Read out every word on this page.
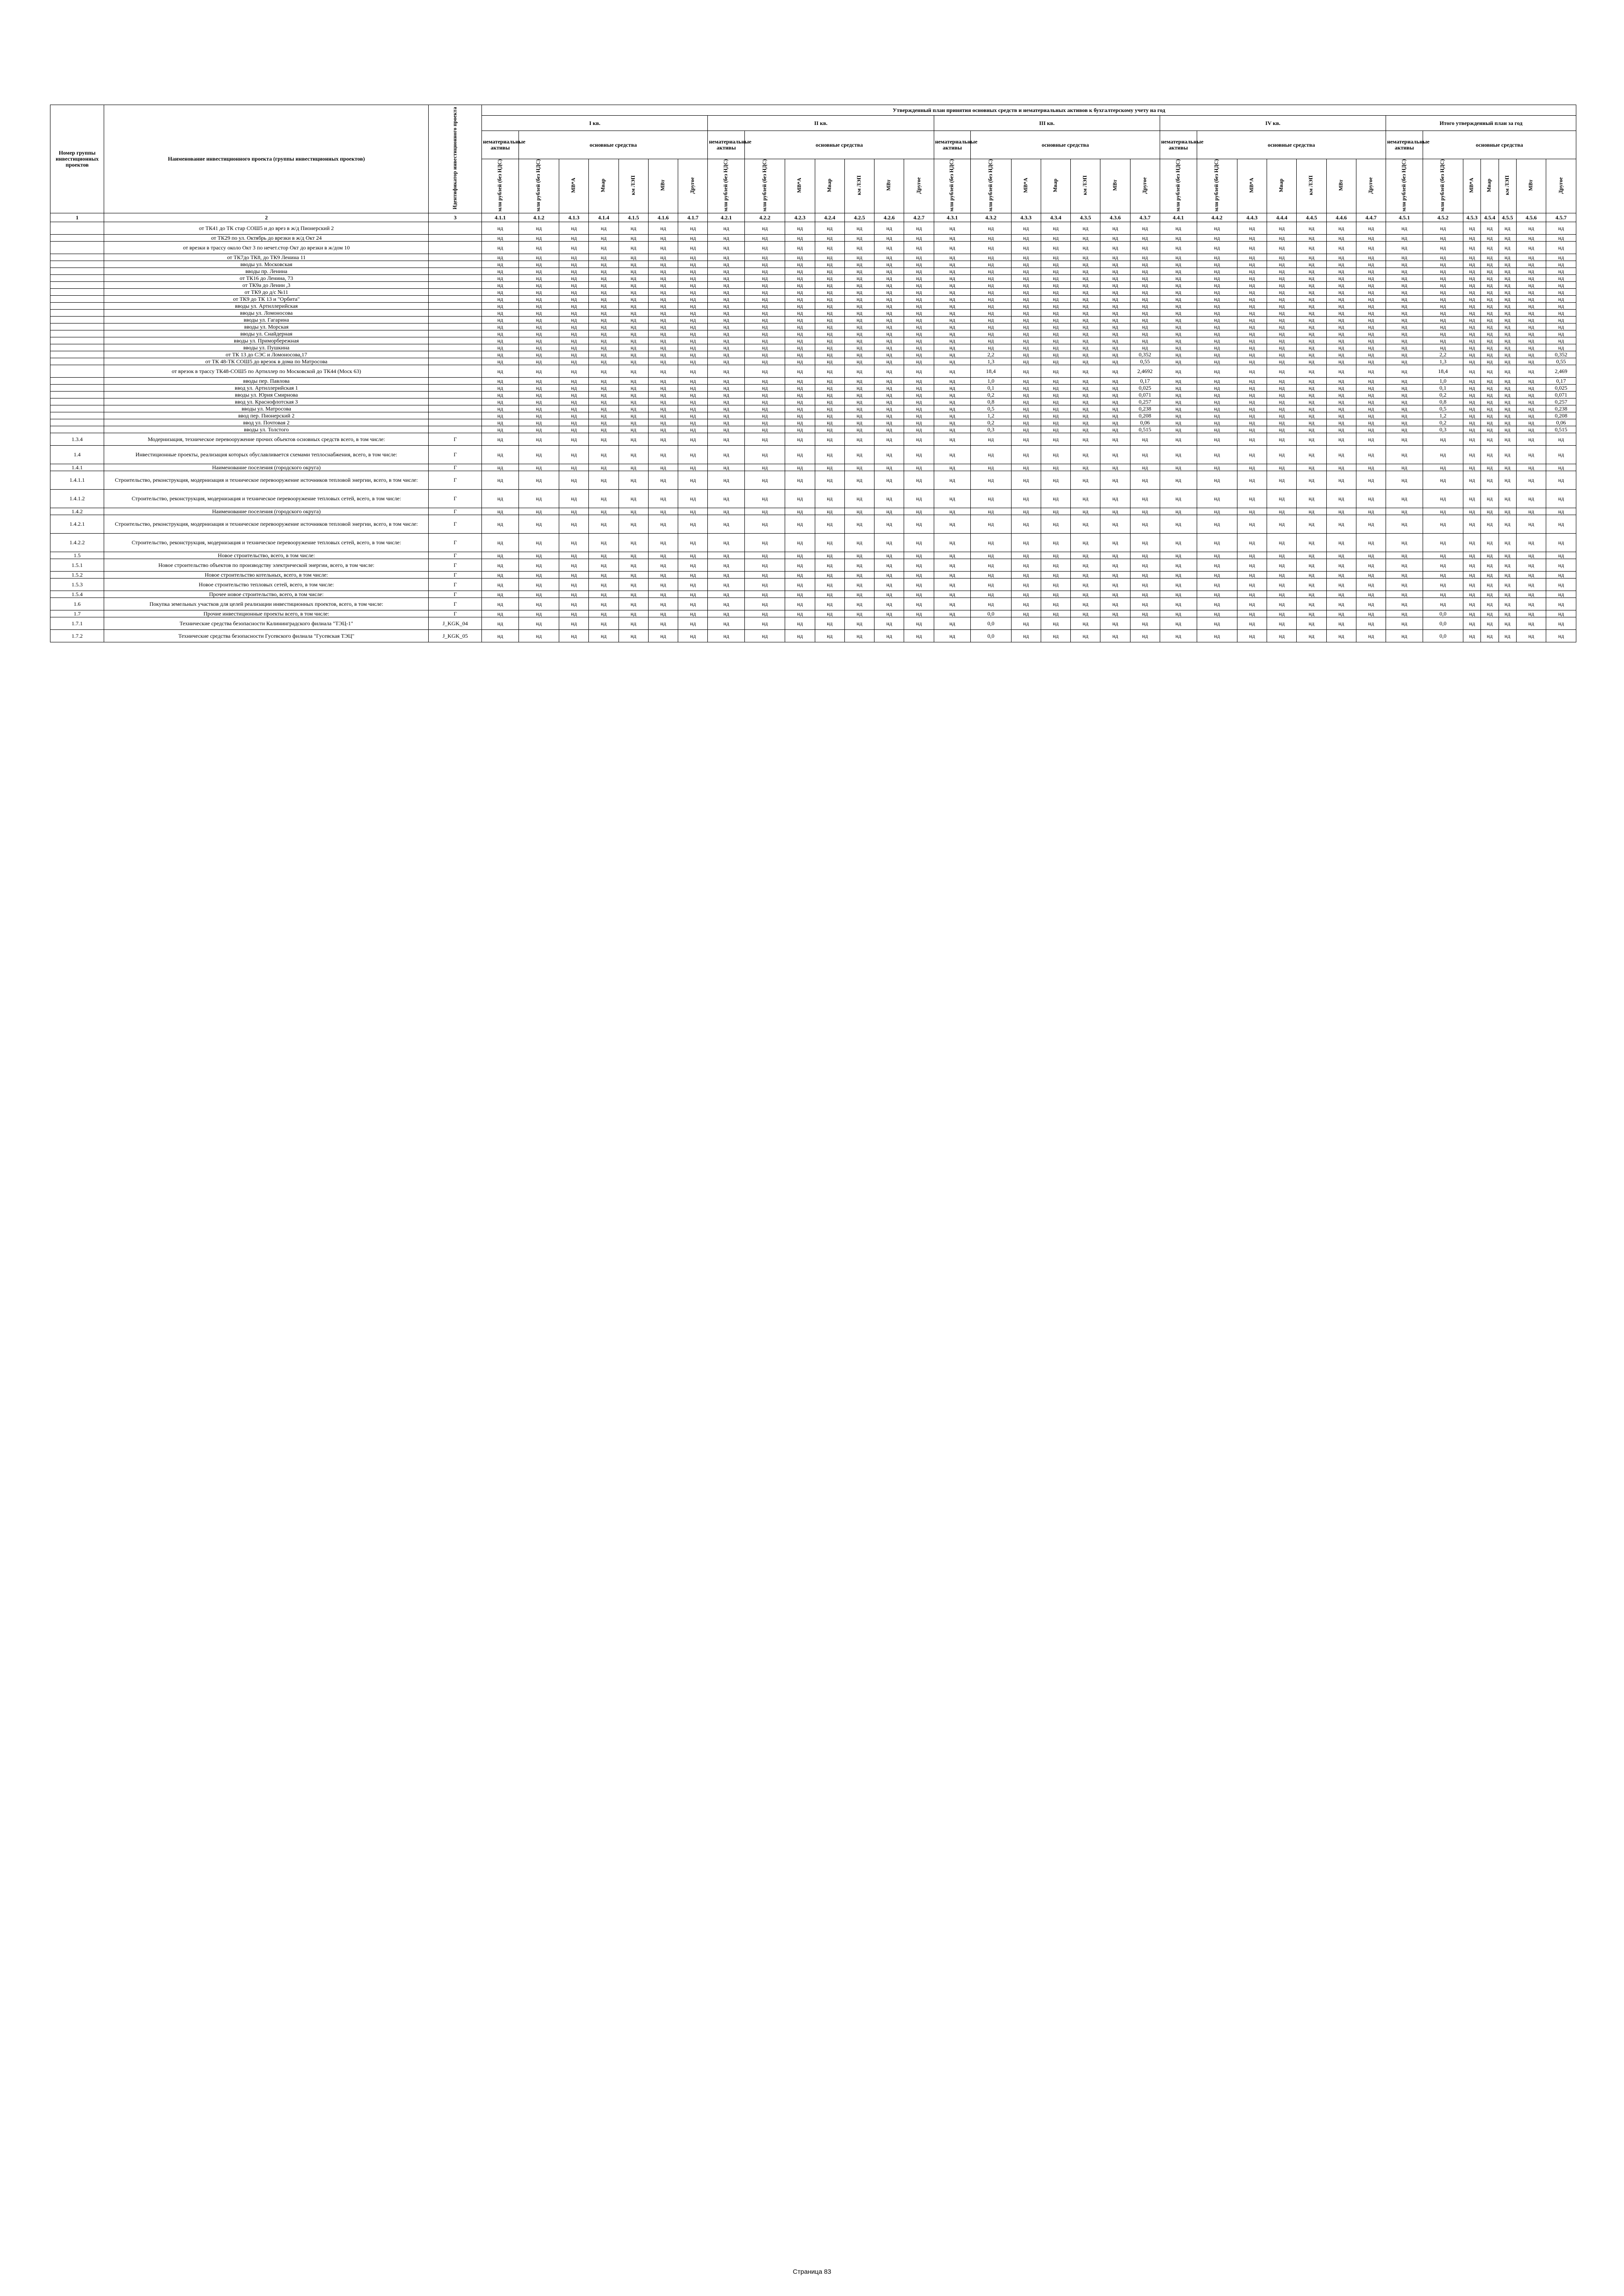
Номер группы инвестиционных проектов	Наименование инвестиционного проекта (группы инвестиционных проектов)	Идентификатор инвестиционного проекта	Утвержденный план принятия основных средств и нематериальных активов к бухгалтерскому учету на год																																		
			I кв.							II кв.							III кв.							IV кв.							Итого утвержденный план за год						
			нематериальные активы	основные средства						нематериальные активы	основные средства						нематериальные активы	основные средства						нематериальные активы	основные средства						нематериальные активы	основные средства					
			млн рублей (без НДС)	млн рублей (без НДС)	МВ*А	Мвар	км ЛЭП	МВт	Другое	млн рублей (без НДС)	млн рублей (без НДС)	МВ*А	Мвар	км ЛЭП	МВт	Другое	млн рублей (без НДС)	млн рублей (без НДС)	МВ*А	Мвар	км ЛЭП	МВт	Другое	млн рублей (без НДС)	млн рублей (без НДС)	МВ*А	Мвар	км ЛЭП	МВт	Другое	млн рублей (без НДС)	млн рублей (без НДС)	МВ*А	Мвар	км ЛЭП	МВт	Другое
1	2	3	4.1.1	4.1.2	4.1.3	4.1.4	4.1.5	4.1.6	4.1.7	4.2.1	4.2.2	4.2.3	4.2.4	4.2.5	4.2.6	4.2.7	4.3.1	4.3.2	4.3.3	4.3.4	4.3.5	4.3.6	4.3.7	4.4.1	4.4.2	4.4.3	4.4.4	4.4.5	4.4.6	4.4.7	4.5.1	4.5.2	4.5.3	4.5.4	4.5.5	4.5.6	4.5.7
	от ТК41 до ТК стар СОШ5 и до врез в ж/д Пионерский 2		нд	нд	нд	нд	нд	нд	нд	нд	нд	нд	нд	нд	нд	нд	нд	нд	нд	нд	нд	нд	нд	нд	нд	нд	нд	нд	нд	нд	нд	нд	нд	нд	нд	нд	нд
	от ТК29 по ул. Октябрь до врезки в ж/д Окт 24		нд	нд	нд	нд	нд	нд	нд	нд	нд	нд	нд	нд	нд	нд	нд	нд	нд	нд	нд	нд	нд	нд	нд	нд	нд	нд	нд	нд	нд	нд	нд	нд	нд	нд	нд
	от врезки в трассу около Окт 3 по нечет.стор Окт до врезки в ж/дом 10		нд	нд	нд	нд	нд	нд	нд	нд	нд	нд	нд	нд	нд	нд	нд	нд	нд	нд	нд	нд	нд	нд	нд	нд	нд	нд	нд	нд	нд	нд	нд	нд	нд	нд	нд
	от ТК7до ТК8, до ТК9 Ленина 11		нд	нд	нд	нд	нд	нд	нд	нд	нд	нд	нд	нд	нд	нд	нд	нд	нд	нд	нд	нд	нд	нд	нд	нд	нд	нд	нд	нд	нд	нд	нд	нд	нд	нд	нд
	вводы ул. Московская		нд	нд	нд	нд	нд	нд	нд	нд	нд	нд	нд	нд	нд	нд	нд	нд	нд	нд	нд	нд	нд	нд	нд	нд	нд	нд	нд	нд	нд	нд	нд	нд	нд	нд	нд
	вводы пр. Ленина		нд	нд	нд	нд	нд	нд	нд	нд	нд	нд	нд	нд	нд	нд	нд	нд	нд	нд	нд	нд	нд	нд	нд	нд	нд	нд	нд	нд	нд	нд	нд	нд	нд	нд	нд
	от ТК16 до Ленина, 73		нд	нд	нд	нд	нд	нд	нд	нд	нд	нд	нд	нд	нд	нд	нд	нд	нд	нд	нд	нд	нд	нд	нд	нд	нд	нд	нд	нд	нд	нд	нд	нд	нд	нд	нд
	от ТК9а до Ленин ,3		нд	нд	нд	нд	нд	нд	нд	нд	нд	нд	нд	нд	нд	нд	нд	нд	нд	нд	нд	нд	нд	нд	нд	нд	нд	нд	нд	нд	нд	нд	нд	нд	нд	нд	нд
	от ТК9 до д/с №11		нд	нд	нд	нд	нд	нд	нд	нд	нд	нд	нд	нд	нд	нд	нд	нд	нд	нд	нд	нд	нд	нд	нд	нд	нд	нд	нд	нд	нд	нд	нд	нд	нд	нд	нд
	от ТК9 до ТК 13 и "Орбита"		нд	нд	нд	нд	нд	нд	нд	нд	нд	нд	нд	нд	нд	нд	нд	нд	нд	нд	нд	нд	нд	нд	нд	нд	нд	нд	нд	нд	нд	нд	нд	нд	нд	нд	нд
	вводы ул. Артиллерийская		нд	нд	нд	нд	нд	нд	нд	нд	нд	нд	нд	нд	нд	нд	нд	нд	нд	нд	нд	нд	нд	нд	нд	нд	нд	нд	нд	нд	нд	нд	нд	нд	нд	нд	нд
	вводы ул. Ломоносова		нд	нд	нд	нд	нд	нд	нд	нд	нд	нд	нд	нд	нд	нд	нд	нд	нд	нд	нд	нд	нд	нд	нд	нд	нд	нд	нд	нд	нд	нд	нд	нд	нд	нд	нд
	вводы ул. Гагарина		нд	нд	нд	нд	нд	нд	нд	нд	нд	нд	нд	нд	нд	нд	нд	нд	нд	нд	нд	нд	нд	нд	нд	нд	нд	нд	нд	нд	нд	нд	нд	нд	нд	нд	нд
	вводы ул. Морская		нд	нд	нд	нд	нд	нд	нд	нд	нд	нд	нд	нд	нд	нд	нд	нд	нд	нд	нд	нд	нд	нд	нд	нд	нд	нд	нд	нд	нд	нд	нд	нд	нд	нд	нд
	вводы ул. Снайдерная		нд	нд	нд	нд	нд	нд	нд	нд	нд	нд	нд	нд	нд	нд	нд	нд	нд	нд	нд	нд	нд	нд	нд	нд	нд	нд	нд	нд	нд	нд	нд	нд	нд	нд	нд
	вводы ул. Приморбережная		нд	нд	нд	нд	нд	нд	нд	нд	нд	нд	нд	нд	нд	нд	нд	нд	нд	нд	нд	нд	нд	нд	нд	нд	нд	нд	нд	нд	нд	нд	нд	нд	нд	нд	нд
	вводы ул. Пушкина		нд	нд	нд	нд	нд	нд	нд	нд	нд	нд	нд	нд	нд	нд	нд	нд	нд	нд	нд	нд	нд	нд	нд	нд	нд	нд	нд	нд	нд	нд	нд	нд	нд	нд	нд
	от ТК 13 до СЭС и Ломоносова,17		нд	нд	нд	нд	нд	нд	нд	нд	нд	нд	нд	нд	нд	нд	нд	2,2	нд	нд	нд	нд	0,352	нд	нд	нд	нд	нд	нд	нд	нд	2,2	нд	нд	нд	нд	0,352
	от ТК 48-ТК СОШ5 до врезок в дома по Матросова		нд	нд	нд	нд	нд	нд	нд	нд	нд	нд	нд	нд	нд	нд	нд	1,3	нд	нд	нд	нд	0,55	нд	нд	нд	нд	нд	нд	нд	нд	1,3	нд	нд	нд	нд	0,55
	от врезок в трассу ТК48-СОШ5 по Артиллер по Московской до ТК44 (Моск 63)		нд	нд	нд	нд	нд	нд	нд	нд	нд	нд	нд	нд	нд	нд	нд	18,4	нд	нд	нд	нд	2,4692	нд	нд	нд	нд	нд	нд	нд	нд	18,4	нд	нд	нд	нд	2,469
	вводы пер. Павлова		нд	нд	нд	нд	нд	нд	нд	нд	нд	нд	нд	нд	нд	нд	нд	1,0	нд	нд	нд	нд	0,17	нд	нд	нд	нд	нд	нд	нд	нд	1,0	нд	нд	нд	нд	0,17
	ввод ул. Артиллерийская 1		нд	нд	нд	нд	нд	нд	нд	нд	нд	нд	нд	нд	нд	нд	нд	0,1	нд	нд	нд	нд	0,025	нд	нд	нд	нд	нд	нд	нд	нд	0,1	нд	нд	нд	нд	0,025
	вводы ул. Юрия Смирнова		нд	нд	нд	нд	нд	нд	нд	нд	нд	нд	нд	нд	нд	нд	нд	0,2	нд	нд	нд	нд	0,071	нд	нд	нд	нд	нд	нд	нд	нд	0,2	нд	нд	нд	нд	0,071
	ввод ул. Краснофлотская 3		нд	нд	нд	нд	нд	нд	нд	нд	нд	нд	нд	нд	нд	нд	нд	0,8	нд	нд	нд	нд	0,257	нд	нд	нд	нд	нд	нд	нд	нд	0,8	нд	нд	нд	нд	0,257
	вводы ул. Матросова		нд	нд	нд	нд	нд	нд	нд	нд	нд	нд	нд	нд	нд	нд	нд	0,5	нд	нд	нд	нд	0,238	нд	нд	нд	нд	нд	нд	нд	нд	0,5	нд	нд	нд	нд	0,238
	ввод пер. Пионерский 2		нд	нд	нд	нд	нд	нд	нд	нд	нд	нд	нд	нд	нд	нд	нд	1,2	нд	нд	нд	нд	0,208	нд	нд	нд	нд	нд	нд	нд	нд	1,2	нд	нд	нд	нд	0,208
	ввод ул. Почтовая 2		нд	нд	нд	нд	нд	нд	нд	нд	нд	нд	нд	нд	нд	нд	нд	0,2	нд	нд	нд	нд	0,06	нд	нд	нд	нд	нд	нд	нд	нд	0,2	нд	нд	нд	нд	0,06
	вводы ул. Толстого		нд	нд	нд	нд	нд	нд	нд	нд	нд	нд	нд	нд	нд	нд	нд	0,3	нд	нд	нд	нд	0,515	нд	нд	нд	нд	нд	нд	нд	нд	0,3	нд	нд	нд	нд	0,515
1.3.4	Модернизация, техническое перевооружение прочих объектов основных средств всего, в том числе:	Г	нд	нд	нд	нд	нд	нд	нд	нд	нд	нд	нд	нд	нд	нд	нд	нд	нд	нд	нд	нд	нд	нд	нд	нд	нд	нд	нд	нд	нд	нд	нд	нд	нд	нд	нд
1.4	Инвестиционные проекты, реализация которых обуславливается схемами теплоснабжения, всего, в том числе:	Г	нд	нд	нд	нд	нд	нд	нд	нд	нд	нд	нд	нд	нд	нд	нд	нд	нд	нд	нд	нд	нд	нд	нд	нд	нд	нд	нд	нд	нд	нд	нд	нд	нд	нд	нд
1.4.1	Наименование поселения (городского округа)	Г	нд	нд	нд	нд	нд	нд	нд	нд	нд	нд	нд	нд	нд	нд	нд	нд	нд	нд	нд	нд	нд	нд	нд	нд	нд	нд	нд	нд	нд	нд	нд	нд	нд	нд	нд
1.4.1.1	Строительство, реконструкция, модернизация и техническое перевооружение источников тепловой энергии, всего, в том числе:	Г	нд	нд	нд	нд	нд	нд	нд	нд	нд	нд	нд	нд	нд	нд	нд	нд	нд	нд	нд	нд	нд	нд	нд	нд	нд	нд	нд	нд	нд	нд	нд	нд	нд	нд	нд
1.4.1.2	Строительство, реконструкция, модернизация и техническое перевооружение тепловых сетей, всего, в том числе:	Г	нд	нд	нд	нд	нд	нд	нд	нд	нд	нд	нд	нд	нд	нд	нд	нд	нд	нд	нд	нд	нд	нд	нд	нд	нд	нд	нд	нд	нд	нд	нд	нд	нд	нд	нд
1.4.2	Наименование поселения (городского округа)	Г	нд	нд	нд	нд	нд	нд	нд	нд	нд	нд	нд	нд	нд	нд	нд	нд	нд	нд	нд	нд	нд	нд	нд	нд	нд	нд	нд	нд	нд	нд	нд	нд	нд	нд	нд
1.4.2.1	Строительство, реконструкция, модернизация и техническое перевооружение источников тепловой энергии, всего, в том числе:	Г	нд	нд	нд	нд	нд	нд	нд	нд	нд	нд	нд	нд	нд	нд	нд	нд	нд	нд	нд	нд	нд	нд	нд	нд	нд	нд	нд	нд	нд	нд	нд	нд	нд	нд	нд
1.4.2.2	Строительство, реконструкция, модернизация и техническое перевооружение тепловых сетей, всего, в том числе:	Г	нд	нд	нд	нд	нд	нд	нд	нд	нд	нд	нд	нд	нд	нд	нд	нд	нд	нд	нд	нд	нд	нд	нд	нд	нд	нд	нд	нд	нд	нд	нд	нд	нд	нд	нд
1.5	Новое строительство, всего, в том числе:	Г	нд	нд	нд	нд	нд	нд	нд	нд	нд	нд	нд	нд	нд	нд	нд	нд	нд	нд	нд	нд	нд	нд	нд	нд	нд	нд	нд	нд	нд	нд	нд	нд	нд	нд	нд
1.5.1	Новое строительство объектов по производству электрической энергии, всего, в том числе:	Г	нд	нд	нд	нд	нд	нд	нд	нд	нд	нд	нд	нд	нд	нд	нд	нд	нд	нд	нд	нд	нд	нд	нд	нд	нд	нд	нд	нд	нд	нд	нд	нд	нд	нд	нд
1.5.2	Новое строительство котельных, всего, в том числе:	Г	нд	нд	нд	нд	нд	нд	нд	нд	нд	нд	нд	нд	нд	нд	нд	нд	нд	нд	нд	нд	нд	нд	нд	нд	нд	нд	нд	нд	нд	нд	нд	нд	нд	нд	нд
1.5.3	Новое строительство тепловых сетей, всего, в том числе:	Г	нд	нд	нд	нд	нд	нд	нд	нд	нд	нд	нд	нд	нд	нд	нд	нд	нд	нд	нд	нд	нд	нд	нд	нд	нд	нд	нд	нд	нд	нд	нд	нд	нд	нд	нд
1.5.4	Прочее новое строительство, всего, в том числе:	Г	нд	нд	нд	нд	нд	нд	нд	нд	нд	нд	нд	нд	нд	нд	нд	нд	нд	нд	нд	нд	нд	нд	нд	нд	нд	нд	нд	нд	нд	нд	нд	нд	нд	нд	нд
1.6	Покупка земельных участков для целей реализации инвестиционных проектов, всего, в том числе:	Г	нд	нд	нд	нд	нд	нд	нд	нд	нд	нд	нд	нд	нд	нд	нд	нд	нд	нд	нд	нд	нд	нд	нд	нд	нд	нд	нд	нд	нд	нд	нд	нд	нд	нд	нд
1.7	Прочие инвестиционные проекты всего, в том числе:	Г	нд	нд	нд	нд	нд	нд	нд	нд	нд	нд	нд	нд	нд	нд	нд	0,0	нд	нд	нд	нд	нд	нд	нд	нд	нд	нд	нд	нд	нд	0,0	нд	нд	нд	нд	нд
1.7.1	Технические средства безопасности Калининградского филиала "ТЭЦ-1"	J_KGK_04	нд	нд	нд	нд	нд	нд	нд	нд	нд	нд	нд	нд	нд	нд	нд	0,0	нд	нд	нд	нд	нд	нд	нд	нд	нд	нд	нд	нд	нд	0,0	нд	нд	нд	нд	нд
1.7.2	Технические средства безопасности Гусевского филиала "Гусевская ТЭЦ"	J_KGK_05	нд	нд	нд	нд	нд	нд	нд	нд	нд	нд	нд	нд	нд	нд	нд	0,0	нд	нд	нд	нд	нд	нд	нд	нд	нд	нд	нд	нд	нд	0,0	нд	нд	нд	нд	нд
Страница 83
